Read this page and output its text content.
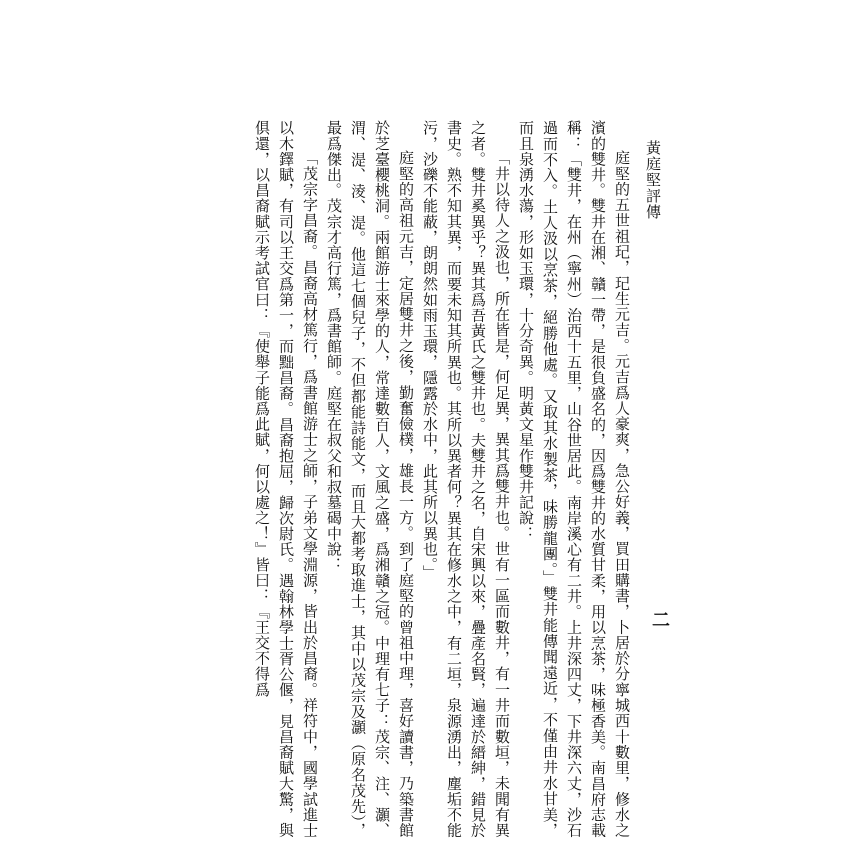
黃庭堅評傳
二

庭堅的五世祖玘，玘生元吉。元吉爲人豪爽，急公好義，買田購書，卜居於分寧城西十數里，修水之濱的雙井。雙井在湘、贛一帶，是很負盛名的，因爲雙井的水質甘柔，用以烹茶，味極香美。南昌府志載稱：「雙井，在州（寧州）治西十五里，山谷世居此。南岸溪心有二井。上井深四丈，下井深六丈，沙石過而不入。土人汲以烹茶，絕勝他處。又取其水製茶，味勝龍團。」雙井能傳聞遠近，不僅由井水甘美，而且泉湧水蕩，形如玉環，十分奇異。明黃文星作雙井記說：

「井以待人之汲也，所在皆是，何足異，異其爲雙井也。世有一區而數井，有一井而數垣，未聞有異之者。雙井奚異乎？異其爲吾黃氏之雙井也。夫雙井之名，自宋興以來，疊產名賢，遍達於縉紳，錯見於書史。熟不知其異，而要未知其所異也。其所以異者何？異其在修水之中，有二垣，泉源湧出，塵垢不能污，沙礫不能蔽，朗朗然如雨玉環，隱露於水中，此其所以異也。」

庭堅的高祖元吉，定居雙井之後，勤奮儉樸，雄長一方。到了庭堅的曾祖中理，喜好讀書，乃築書館於芝臺櫻桃洞。兩館游士來學的人，常達數百人，文風之盛，爲湘贛之冠。中理有七子：茂宗、注、灝、渭、湜、淩、湜。他這七個兒子，不但都能詩能文，而且大都考取進士，其中以茂宗及灝（原名茂先），最爲傑出。茂宗才高行篤，爲書館師。庭堅在叔父和叔墓碣中說：

「茂宗字昌裔。昌裔高材篤行，爲書館游士之師，子弟文學淵源，皆出於昌裔。祥符中，國學試進士以木鐸賦，有司以王交爲第一，而黜昌裔。昌裔抱屈，歸次尉氏。遇翰林學士胥公偃，見昌裔賦大驚，與俱還，以昌裔賦示考試官曰：『使舉子能爲此賦，何以處之！』皆曰：『王交不得爲
